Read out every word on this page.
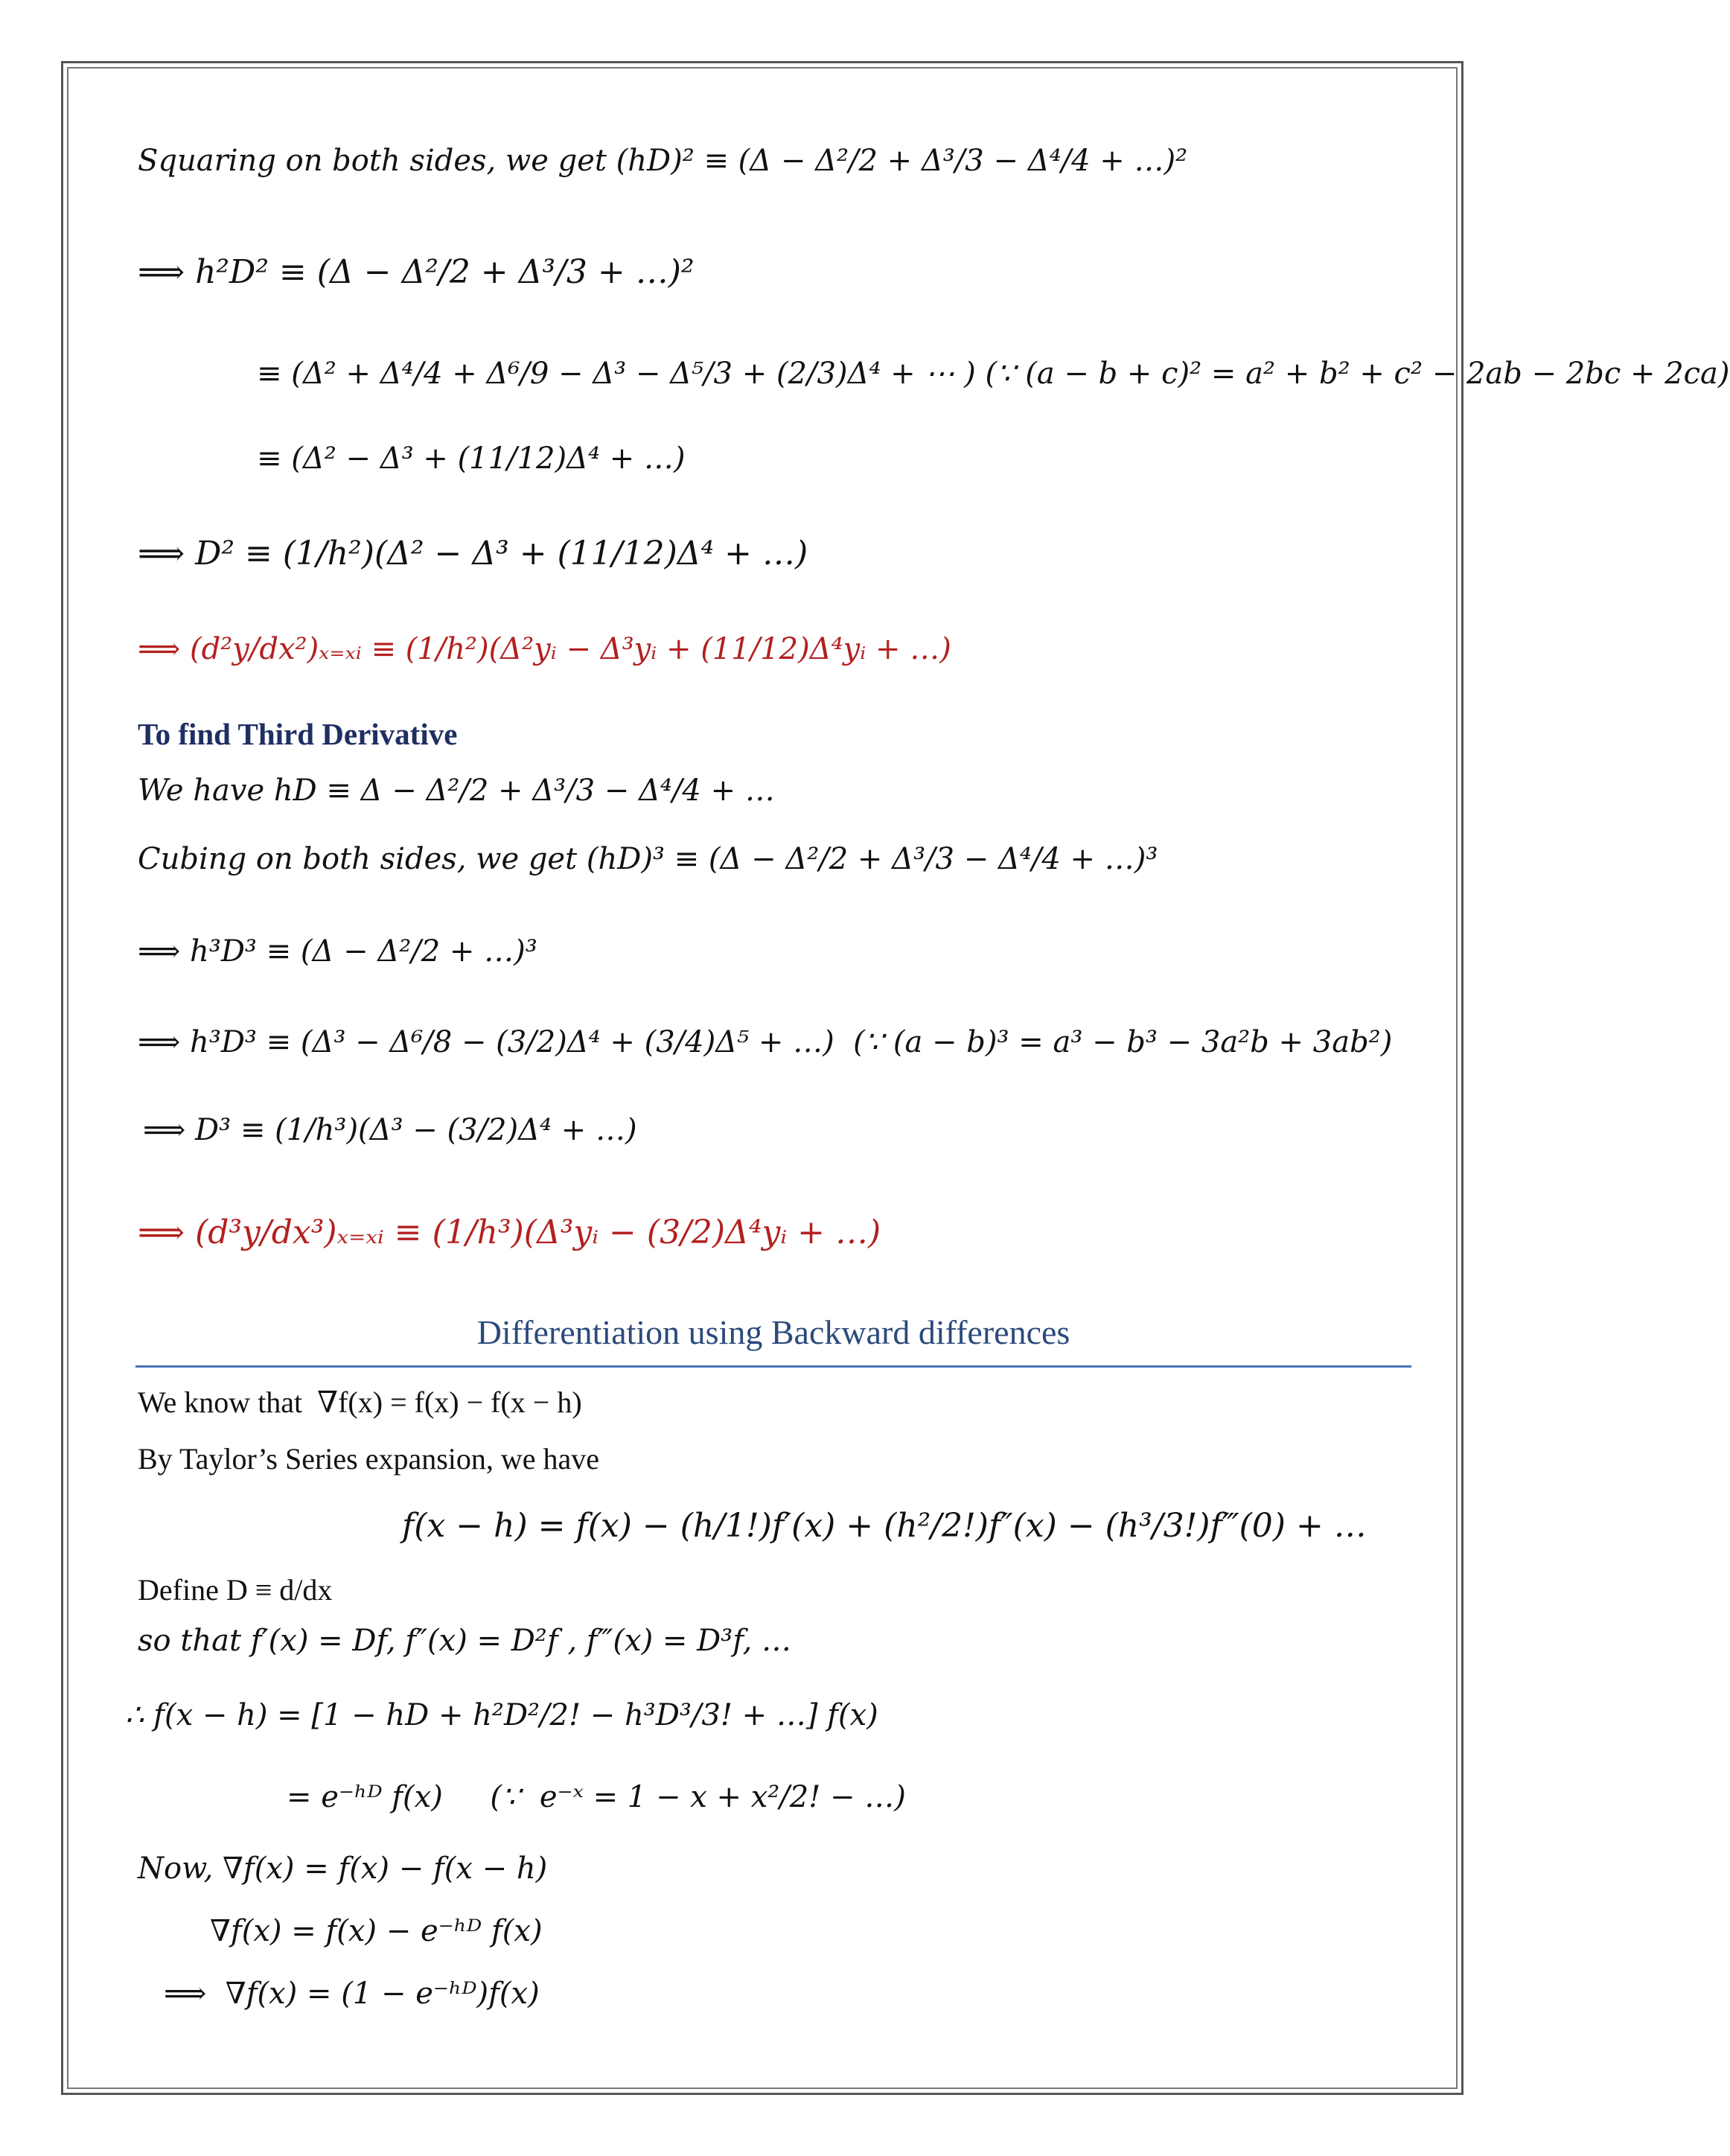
Squaring on both sides, we get (hD)² ≡ (Δ − Δ²/2 + Δ³/3 − Δ⁴/4 + …)²
⟹ h²D² ≡ (Δ − Δ²/2 + Δ³/3 + …)²
≡ (Δ² + Δ⁴/4 + Δ⁶/9 − Δ³ − Δ⁵/3 + (2/3)Δ⁴ + ⋯ ) (∵ (a − b + c)² = a² + b² + c² − 2ab − 2bc + 2ca)
≡ (Δ² − Δ³ + (11/12)Δ⁴ + …)
⟹ D² ≡ (1/h²)(Δ² − Δ³ + (11/12)Δ⁴ + …)
⟹ (d²y/dx²)ₓ₌ₓᵢ ≡ (1/h²)(Δ²yᵢ − Δ³yᵢ + (11/12)Δ⁴yᵢ + …)
To find Third Derivative
We have hD ≡ Δ − Δ²/2 + Δ³/3 − Δ⁴/4 + …
Cubing on both sides, we get (hD)³ ≡ (Δ − Δ²/2 + Δ³/3 − Δ⁴/4 + …)³
⟹ h³D³ ≡ (Δ − Δ²/2 + …)³
⟹ h³D³ ≡ (Δ³ − Δ⁶/8 − (3/2)Δ⁴ + (3/4)Δ⁵ + …)  (∵ (a − b)³ = a³ − b³ − 3a²b + 3ab²)
⟹ D³ ≡ (1/h³)(Δ³ − (3/2)Δ⁴ + …)
⟹ (d³y/dx³)ₓ₌ₓᵢ ≡ (1/h³)(Δ³yᵢ − (3/2)Δ⁴yᵢ + …)
Differentiation using Backward differences
We know that  ∇f(x) = f(x) − f(x − h)
By Taylor’s Series expansion, we have
f(x − h) = f(x) − (h/1!)f′(x) + (h²/2!)f″(x) − (h³/3!)f‴(0) + …
Define D ≡ d/dx
so that f′(x) = Df, f″(x) = D²f , f‴(x) = D³f, …
∴ f(x − h) = [1 − hD + h²D²/2! − h³D³/3! + …] f(x)
= e⁻ʰᴰ f(x)     (∵  e⁻ˣ = 1 − x + x²/2! − …)
Now, ∇f(x) = f(x) − f(x − h)
∇f(x) = f(x) − e⁻ʰᴰ f(x)
⟹  ∇f(x) = (1 − e⁻ʰᴰ)f(x)
